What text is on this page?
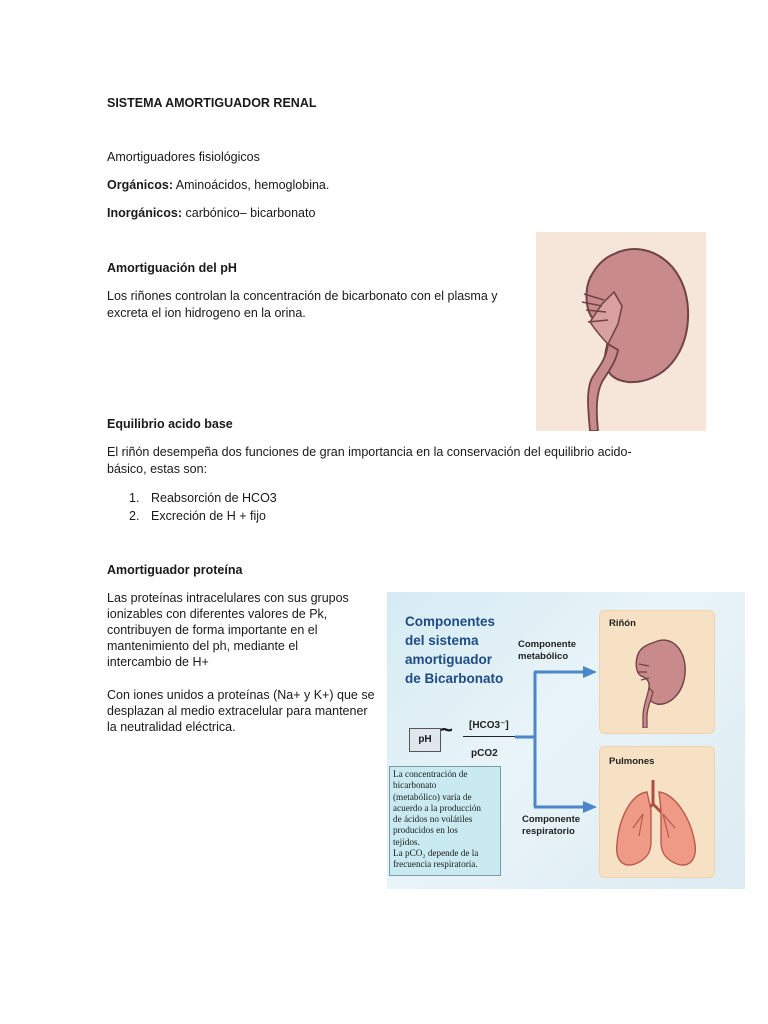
SISTEMA AMORTIGUADOR RENAL
Amortiguadores fisiológicos
Orgánicos: Aminoácidos, hemoglobina.
Inorgánicos: carbónico– bicarbonato
Amortiguación del pH
Los riñones controlan la concentración de bicarbonato con el plasma y
excreta el ion hidrogeno en la orina.
Equilibrio acido base
El riñón desempeña dos funciones de gran importancia en la conservación del equilibrio acido-
básico, estas son:
1. Reabsorción de HCO3
2. Excreción de H + fijo
Amortiguador proteína

Las proteínas intracelulares con sus grupos

ionizables con diferentes valores de Pk,

contribuyen de forma importante en el

mantenimiento del ph, mediante el

intercambio de H+

Con iones unidos a proteínas (Na+ y K+) que se

desplazan al medio extracelular para mantener

la neutralidad eléctrica.

Componentes
del sistema
amortiguador
de Bicarbonato
Componente
metabólico
Componente
respiratorio
Riñón
Pulmones
pH ~ [HCO3⁻]
pCO2
La concentración de
bicarbonato
(metabólico) varía de
acuerdo a la producción
de ácidos no volátiles
producidos en los
tejidos.
La pCO₂ depende de la
frecuencia respiratoria.
